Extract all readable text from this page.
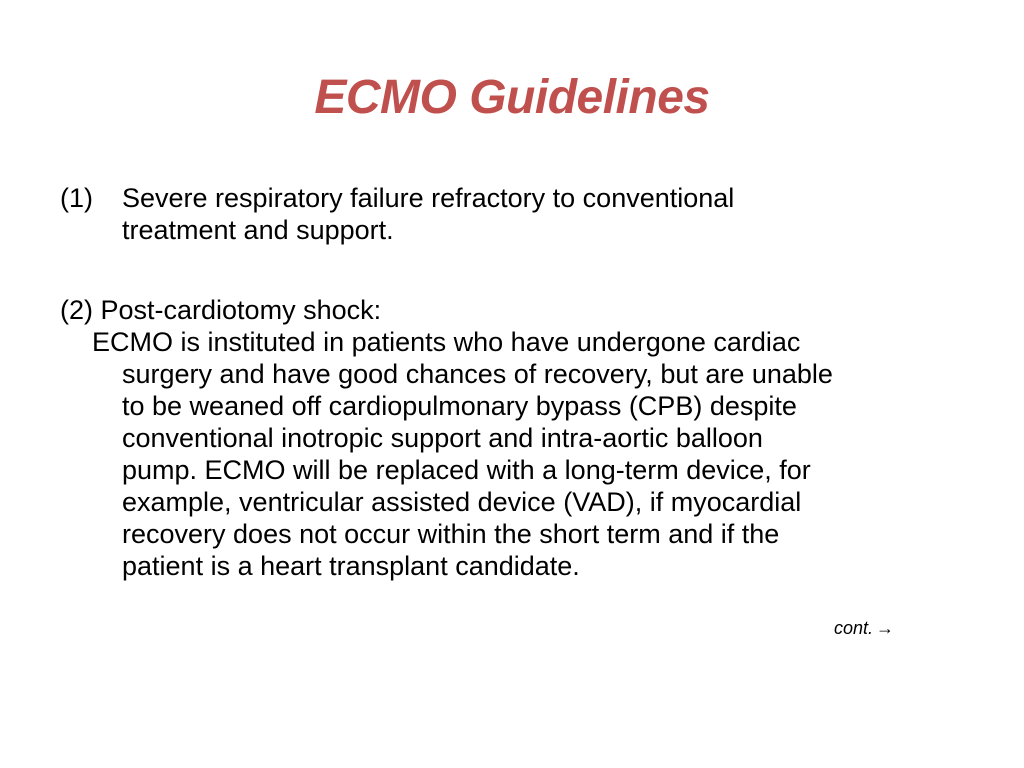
ECMO Guidelines
(1) Severe respiratory failure refractory to conventional
treatment and support.
(2) Post-cardiotomy shock:
ECMO is instituted in patients who have undergone cardiac
surgery and have good chances of recovery, but are unable
to be weaned off cardiopulmonary bypass (CPB) despite
conventional inotropic support and intra-aortic balloon
pump. ECMO will be replaced with a long-term device, for
example, ventricular assisted device (VAD), if myocardial
recovery does not occur within the short term and if the
patient is a heart transplant candidate.
cont. →
